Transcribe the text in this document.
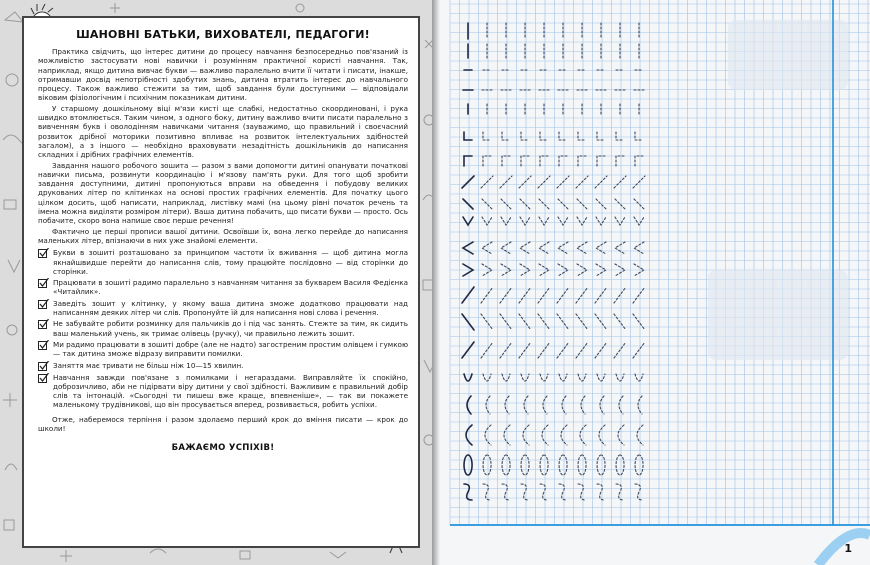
ШАНОВНІ БАТЬКИ, ВИХОВАТЕЛІ, ПЕДАГОГИ!

Практика свідчить, що інтерес дитини до процесу навчання безпосередньо пов'язаний із можливістю застосувати нові навички і розумінням практичної користі навчання. Так, наприклад, якщо дитина вивчає букви — важливо паралельно вчити її читати і писати, інакше, отримавши досвід непотрібності здобутих знань, дитина втратить інтерес до навчального процесу. Також важливо стежити за тим, щоб завдання були доступними — відповідали віковим фізіологічним і психічним показникам дитини.

У старшому дошкільному віці м'язи кисті ще слабкі, недостатньо скоординовані, і рука швидко втомлюється. Таким чином, з одного боку, дитину важливо вчити писати паралельно з вивченням букв і оволодінням навичками читання (зауважимо, що правильний і своєчасний розвиток дрібної моторики позитивно впливає на розвиток інтелектуальних здібностей загалом), а з іншого — необхідно враховувати незадітність дошкільників до написання складних і дрібних графічних елементів.

Завдання нашого робочого зошита — разом з вами допомогти дитині опанувати початкові навички письма, розвинути координацію і м'язову пам'ять руки. Для того щоб зробити завдання доступними, дитині пропонуються вправи на обведення і побудову великих друкованих літер по клітинках на основі простих графічних елементів. Для початку цього цілком досить, щоб написати, наприклад, листівку мамі (на цьому рівні початок речень та імена можна виділяти розміром літери). Ваша дитина побачить, що писати букви — просто. Ось побачите, скоро вона напише своє перше речення!

Фактично це перші прописи вашої дитини. Освоївши їх, вона легко перейде до написання маленьких літер, впізнаючи в них уже знайомі елементи.

Букви в зошиті розташовано за принципом частоти їх вживання — щоб дитина могла якнайшвидше перейти до написання слів, тому працюйте послідовно — від сторінки до сторінки.
Працювати в зошиті радимо паралельно з навчанням читання за букварем Василя Федієнка «Читайлик».
Заведіть зошит у клітинку, у якому ваша дитина зможе додатково працювати над написанням деяких літер чи слів. Пропонуйте їй для написання нові слова і речення.
Не забувайте робити розминку для пальчиків до і під час занять. Стежте за тим, як сидить ваш маленький учень, як тримає олівець (ручку), чи правильно лежить зошит.
Ми радимо працювати в зошиті добре (але не надто) загостреним простим олівцем і гумкою — так дитина зможе відразу виправити помилки.
Заняття має тривати не більш ніж 10—15 хвилин.
Навчання завжди пов'язане з помилками і негараздами. Виправляйте їх спокійно, доброзичливо, аби не підірвати віру дитини у свої здібності. Важливим є правильний добір слів та інтонацій. «Сьогодні ти пишеш вже краще, впевненіше», — так ви покажете маленькому трудівникові, що він просувається вперед, розвивається, робить успіхи.

Отже, наберемося терпіння і разом здолаємо перший крок до вміння писати — крок до школи!

БАЖАЄМО УСПІХІВ!
1
